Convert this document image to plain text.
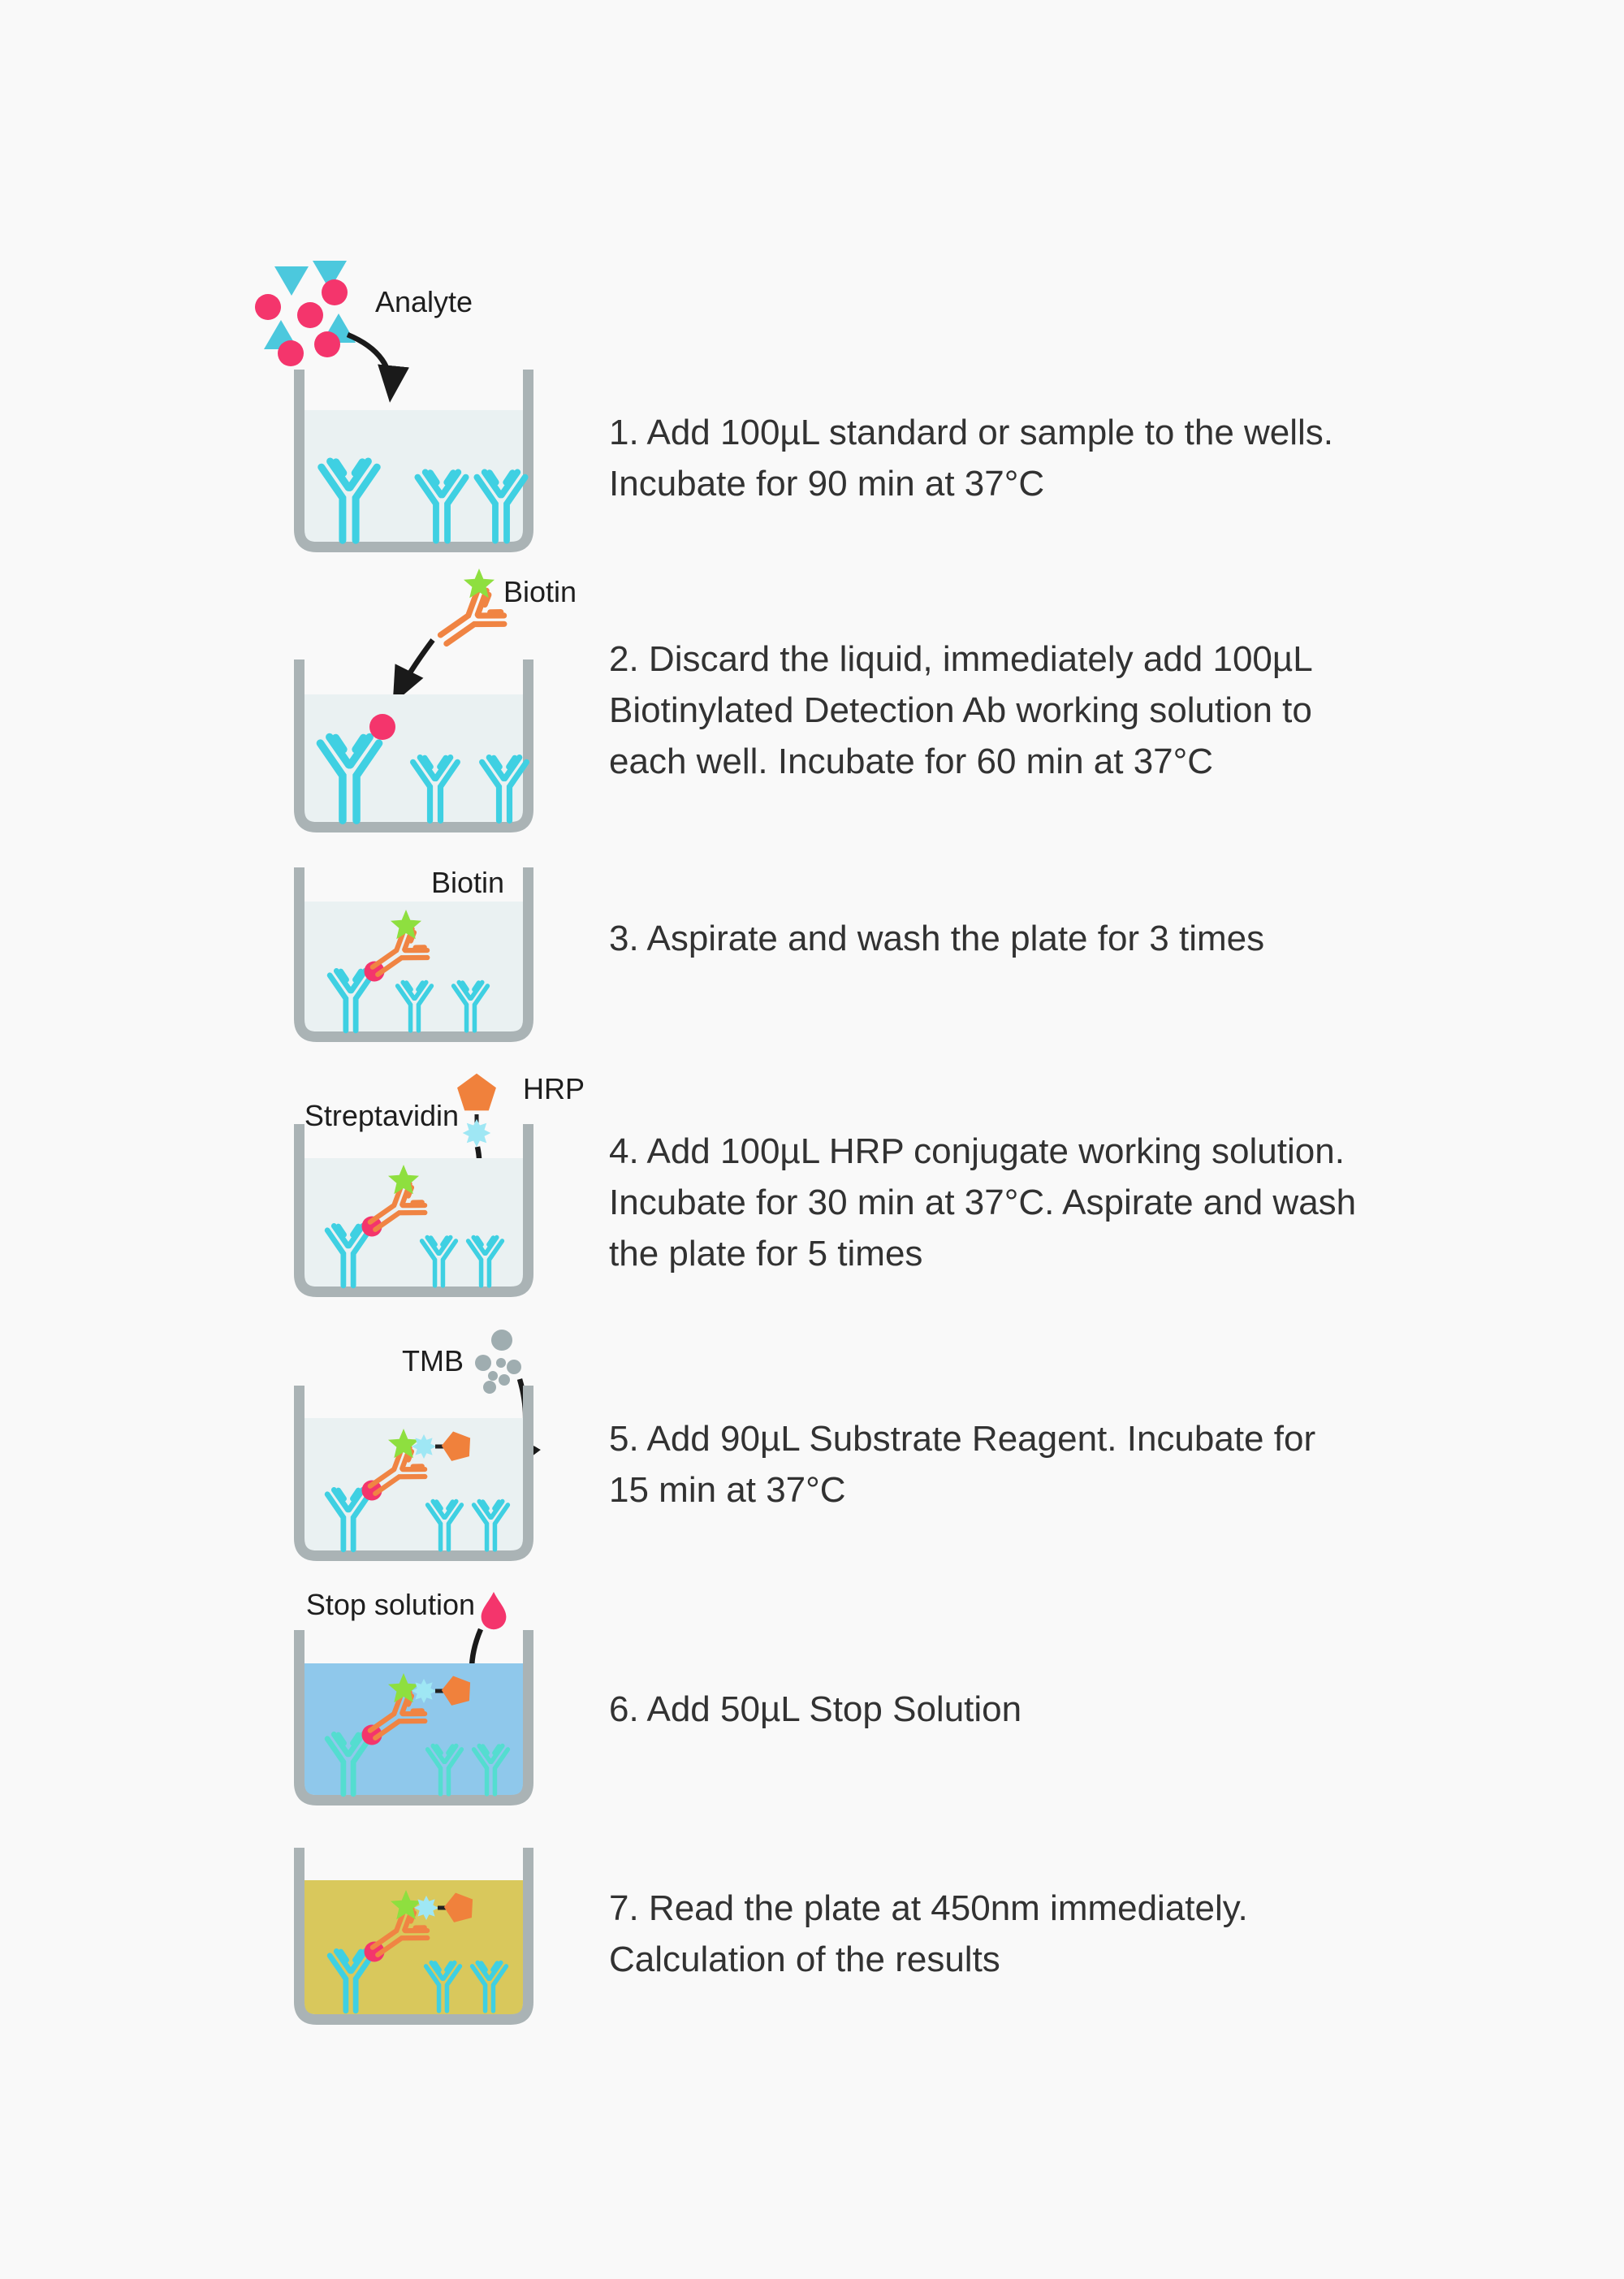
Analyte
1. Add 100µL standard or sample to the wells.
Incubate for 90 min at 37°C
Biotin
2. Discard the liquid, immediately add 100µL
Biotinylated Detection Ab working solution to
each well. Incubate for 60 min at 37°C
Biotin
3. Aspirate and wash the plate for 3 times
HRP
Streptavidin
4. Add 100µL HRP conjugate working solution.
Incubate for 30 min at 37°C. Aspirate and wash
the plate for 5 times
TMB
5. Add 90µL Substrate Reagent. Incubate for
15 min at 37°C
Stop solution
6. Add 50µL Stop Solution
7. Read the plate at 450nm immediately.
Calculation of the results
